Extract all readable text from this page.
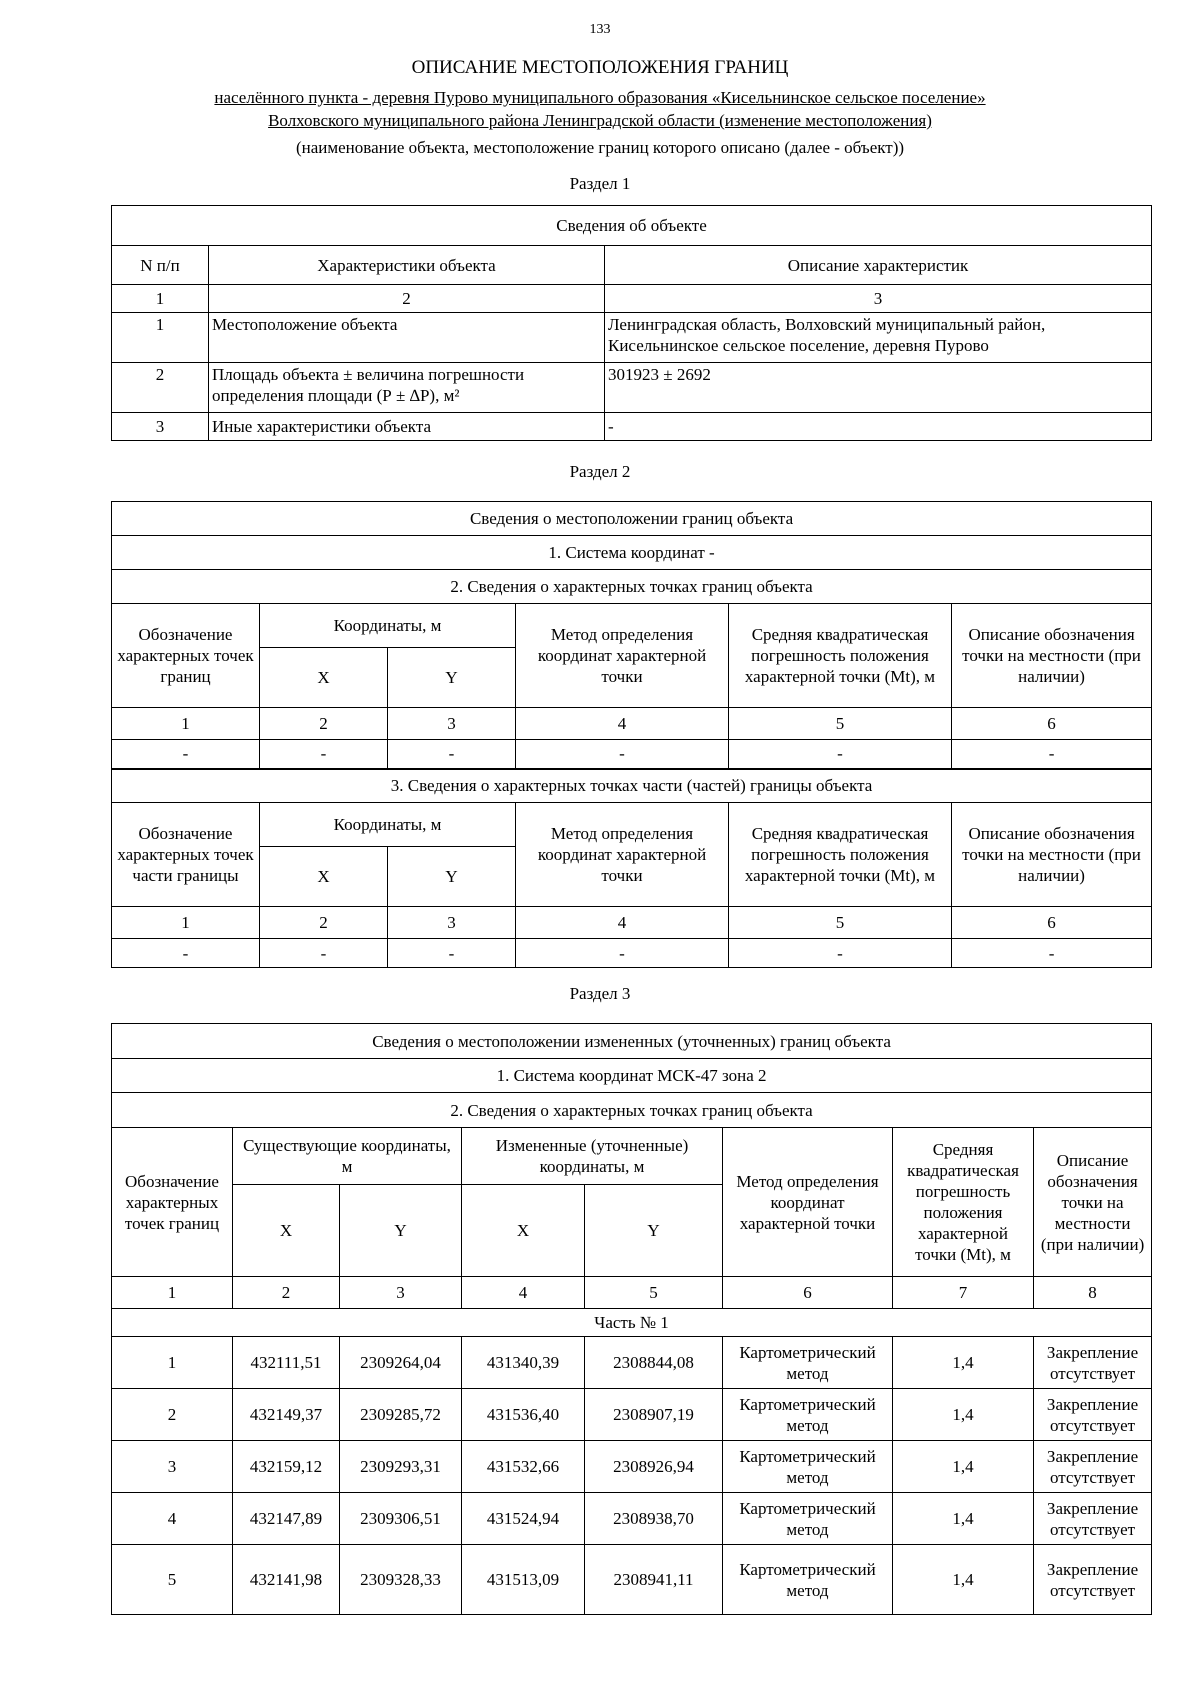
133
ОПИСАНИЕ МЕСТОПОЛОЖЕНИЯ ГРАНИЦ
населённого пункта - деревня Пурово муниципального образования «Кисельнинское сельское поселение»
Волховского муниципального района Ленинградской области (изменение местоположения)
(наименование объекта, местоположение границ которого описано (далее - объект))
Раздел 1
Сведения об объекте		
N п/п	Характеристики объекта	Описание характеристик
1	2	3
1	Местоположение объекта	Ленинградская область, Волховский муниципальный район,
Кисельнинское сельское поселение, деревня Пурово

2	Площадь объекта ± величина погрешности
определения площади (Р ± ∆Р), м²	301923 ± 2692
3	Иные характеристики объекта	-
Раздел 2
Сведения о местоположении границ объекта					
1. Система координат -					
2. Сведения о характерных точках границ объекта					
Обозначение характерных точек границ	Координаты, м		Метод определения координат характерной точки	Средняя квадратическая погрешность положения характерной точки (Mt), м	Описание обозначения точки на местности (при наличии)
	X	Y			
1	2	3	4	5	6
-	-	-	-	-	-
3. Сведения о характерных точках части (частей) границы объекта					
Обозначение характерных точек части границы	Координаты, м		Метод определения координат характерной точки	Средняя квадратическая погрешность положения характерной точки (Mt), м	Описание обозначения точки на местности (при наличии)
	X	Y			
1	2	3	4	5	6
-	-	-	-	-	-
Раздел 3
Сведения о местоположении измененных (уточненных) границ объекта							
1. Система координат МСК-47 зона 2							
2. Сведения о характерных точках границ объекта							
Обозначение характерных точек границ	Существующие координаты, м		Измененные (уточненные) координаты, м		Метод определения координат характерной точки	Средняя квадратическая погрешность положения характерной точки (Mt), м	Описание обозначения точки на местности (при наличии)
	X	Y	X	Y			
1	2	3	4	5	6	7	8
Часть № 1							
1	432111,51	2309264,04	431340,39	2308844,08	Картометрический метод	1,4	Закрепление отсутствует
2	432149,37	2309285,72	431536,40	2308907,19	Картометрический метод	1,4	Закрепление отсутствует
3	432159,12	2309293,31	431532,66	2308926,94	Картометрический метод	1,4	Закрепление отсутствует
4	432147,89	2309306,51	431524,94	2308938,70	Картометрический метод	1,4	Закрепление отсутствует
5	432141,98	2309328,33	431513,09	2308941,11	Картометрический метод	1,4	Закрепление отсутствует
